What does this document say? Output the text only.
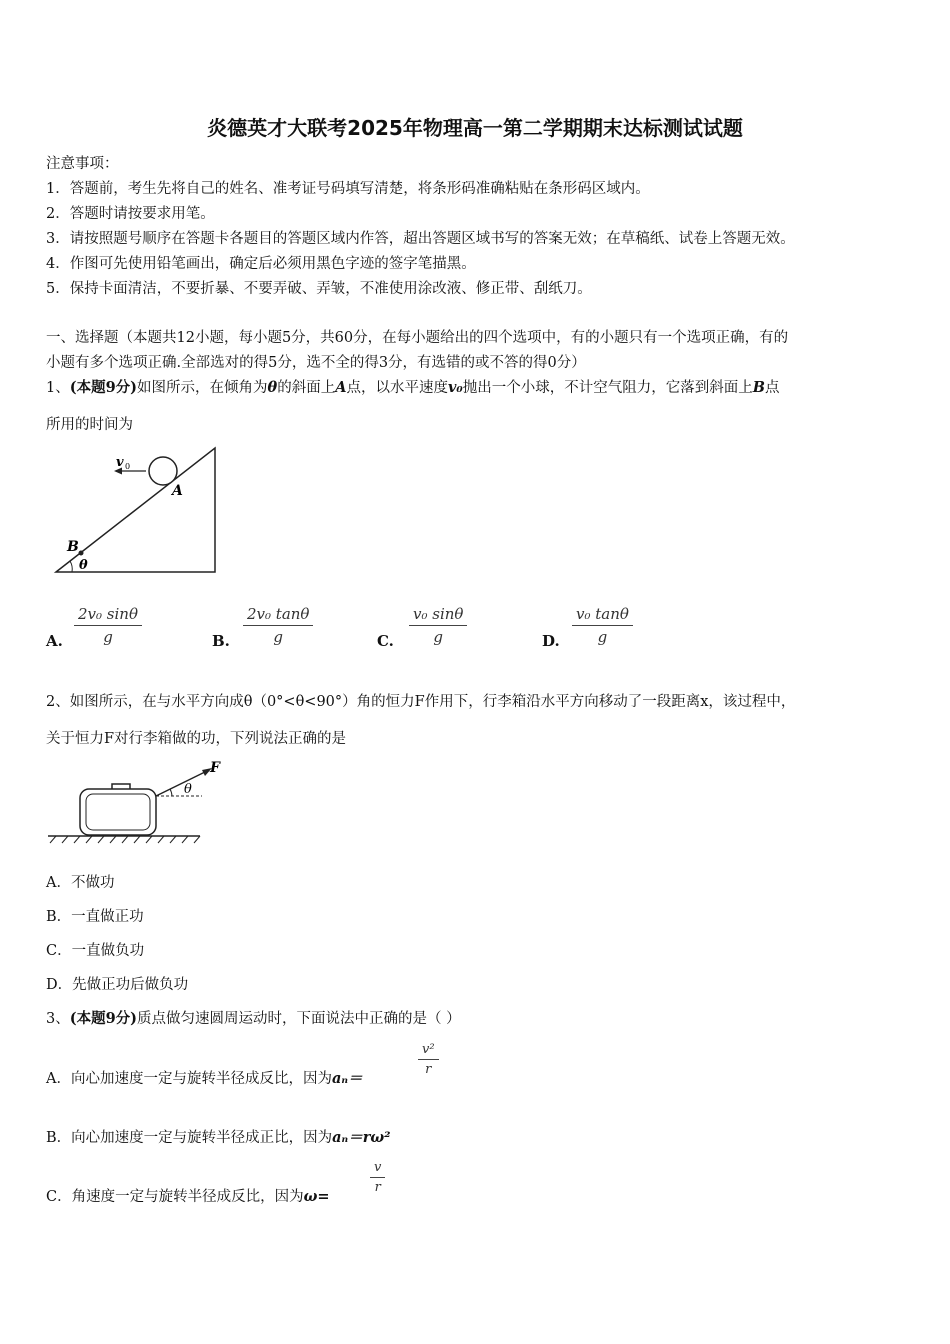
炎德英才大联考2025年物理高一第二学期期末达标测试试题
注意事项：
1．答题前，考生先将自己的姓名、准考证号码填写清楚，将条形码准确粘贴在条形码区域内。
2．答题时请按要求用笔。
3．请按照题号顺序在答题卡各题目的答题区域内作答，超出答题区域书写的答案无效；在草稿纸、试卷上答题无效。
4．作图可先使用铅笔画出，确定后必须用黑色字迹的签字笔描黑。
5．保持卡面清洁，不要折暴、不要弄破、弄皱，不准使用涂改液、修正带、刮纸刀。
一、选择题（本题共12小题，每小题5分，共60分，在每小题给出的四个选项中，有的小题只有一个选项正确，有的
小题有多个选项正确.全部选对的得5分，选不全的得3分，有选错的或不答的得0分）
1、(本题9分)如图所示，在倾角为θ的斜面上A点，以水平速度v₀抛出一个小球，不计空气阻力，它落到斜面上B点
所用的时间为
v 0
A
B
θ
A. $\frac{\text{2v₀ sinθ}}{g}$	B. $\frac{\text{2v₀ tanθ}}{g}$	C. $\frac{\text{v₀ sinθ}}{g}$	D. $\frac{\text{v₀ tanθ}}{g}$
2、如图所示，在与水平方向成θ（0°<θ<90°）角的恒力F作用下，行李箱沿水平方向移动了一段距离x，该过程中，
关于恒力F对行李箱做的功，下列说法正确的是
F
θ
A．不做功
B．一直做正功
C．一直做负功
D．先做正功后做负功
3、(本题9分)质点做匀速圆周运动时，下面说法中正确的是（ ）
A．向心加速度一定与旋转半径成反比，因为aₙ＝
$\frac{\text{v²}}{r}$
B．向心加速度一定与旋转半径成正比，因为aₙ＝rω²
C．角速度一定与旋转半径成反比，因为ω=
$\frac{v}{r}$
